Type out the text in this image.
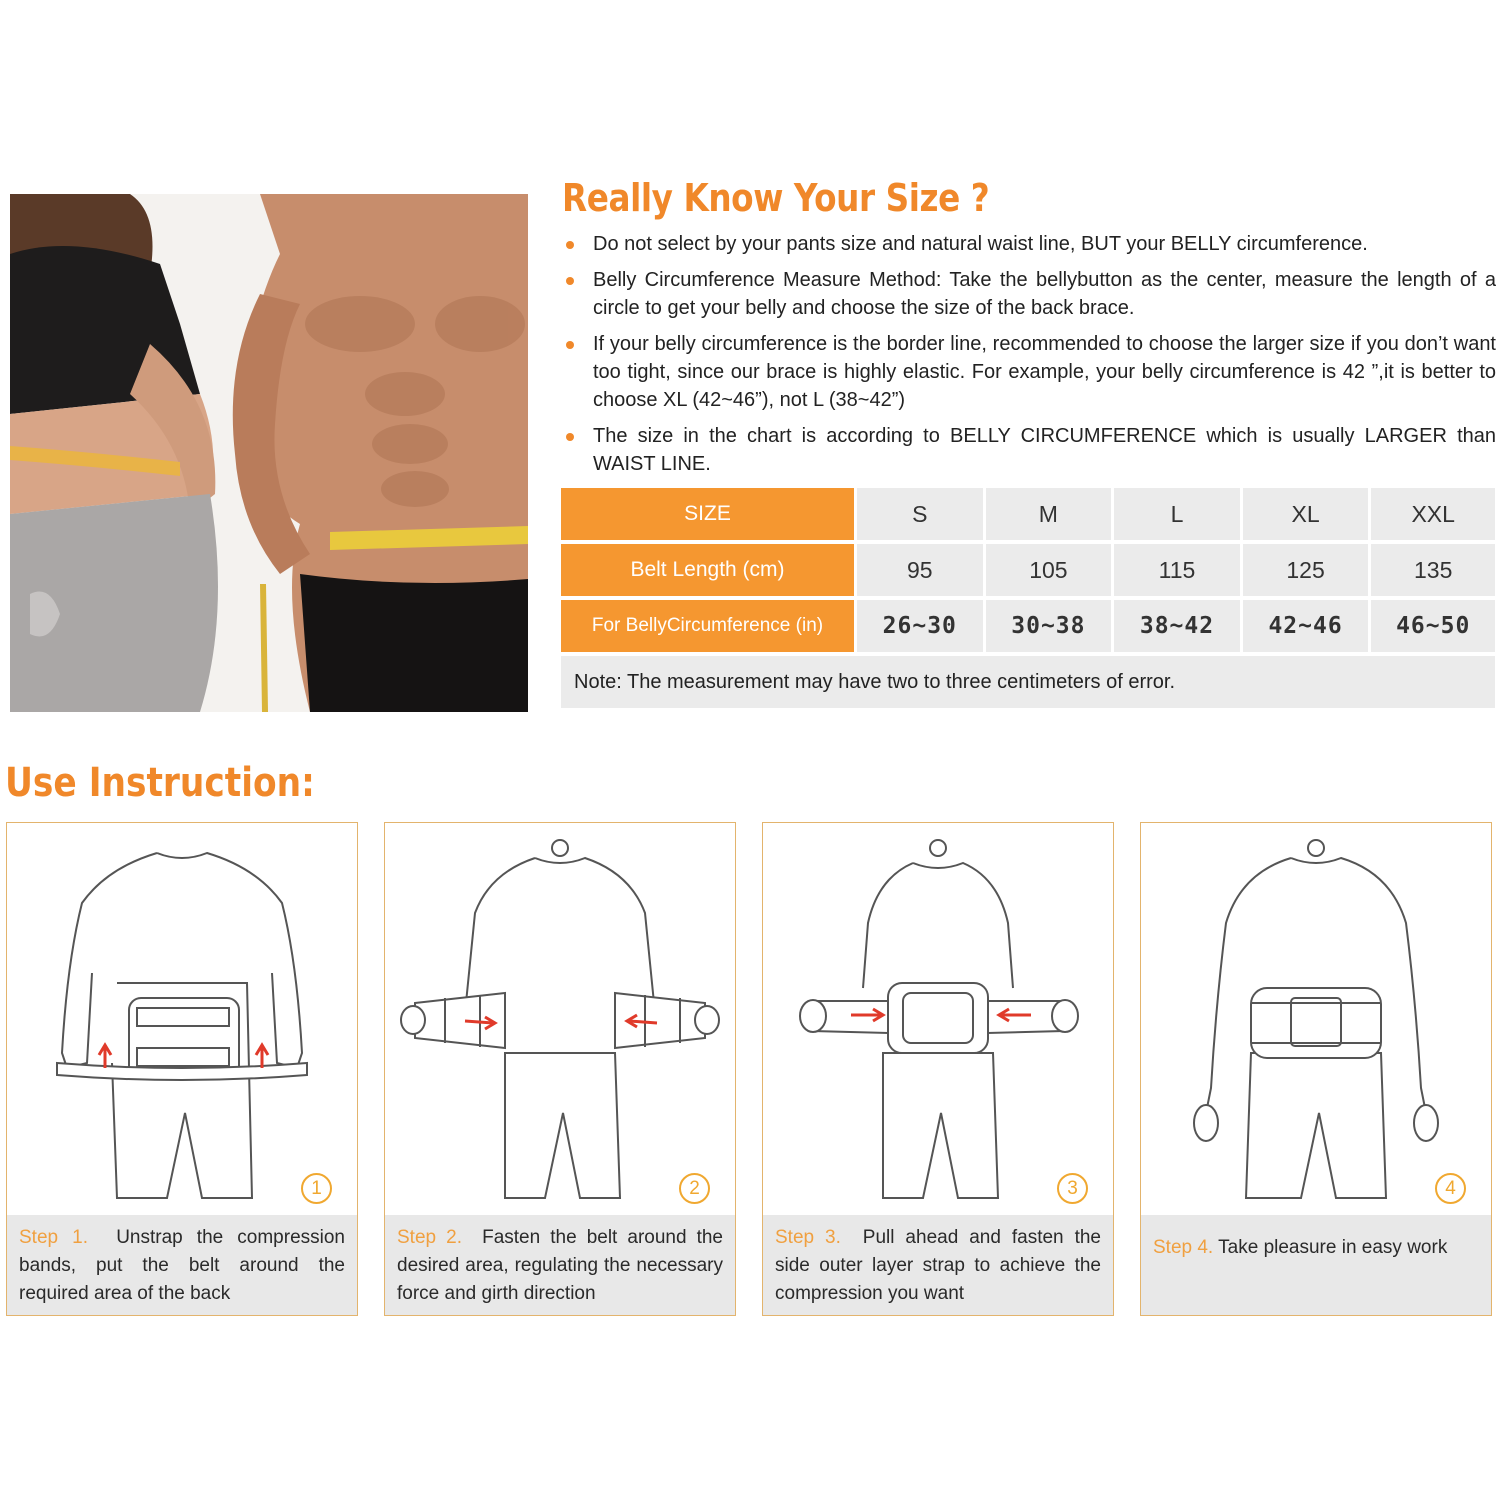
Really Know Your Size ?
Do not select by your pants size and natural waist line, BUT your BELLY circumference.
Belly Circumference Measure Method: Take the bellybutton as the center, measure the length of a circle to get your belly and choose the size of the back brace.
If your belly circumference is the border line, recommended to choose the larger size if you don’t want too tight, since our brace is highly elastic. For example, your belly circumference is 42 ”,it is better to choose XL (42~46”), not L (38~42”)
The size in the chart is according to BELLY CIRCUMFERENCE which is usually LARGER than WAIST LINE.
SIZE	S	M	L	XL	XXL
Belt Length (cm)	95	105	115	125	135
For BellyCircumference (in)	26~30	30~38	38~42	42~46	46~50
Note: The measurement may have two to three centimeters of error.					
Use Instruction:
1
Step 1. Unstrap the compression bands, put the belt around the required area of the back
2
Step 2. Fasten the belt around the desired area, regulating the necessary force and girth direction
3
Step 3. Pull ahead and fasten the side outer layer strap to achieve the compression you want
4
Step 4. Take pleasure in easy work
